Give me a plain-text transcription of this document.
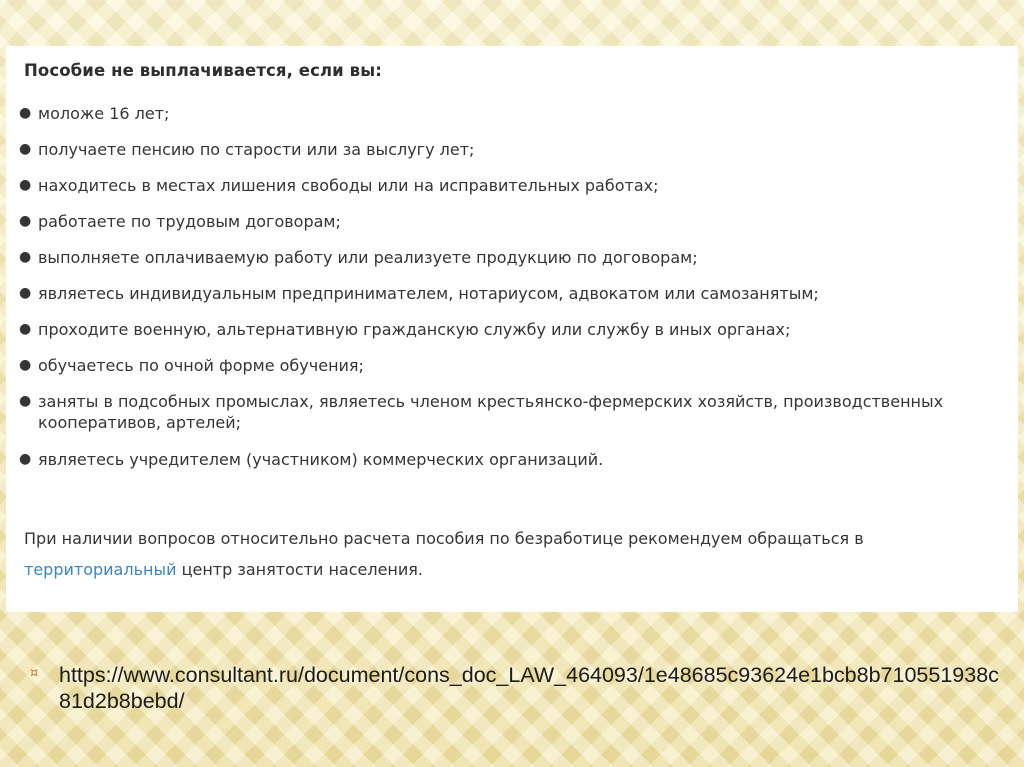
Пособие не выплачивается, если вы:

● моложе 16 лет;
● получаете пенсию по старости или за выслугу лет;
● находитесь в местах лишения свободы или на исправительных работах;
● работаете по трудовым договорам;
● выполняете оплачиваемую работу или реализуете продукцию по договорам;
● являетесь индивидуальным предпринимателем, нотариусом, адвокатом или самозанятым;
● проходите военную, альтернативную гражданскую службу или службу в иных органах;
● обучаетесь по очной форме обучения;
● заняты в подсобных промыслах, являетесь членом крестьянско-фермерских хозяйств, производственных кооперативов, артелей;
● являетесь учредителем (участником) коммерческих организаций.

При наличии вопросов относительно расчета пособия по безработице рекомендуем обращаться в территориальный центр занятости населения.

¤ https://www.consultant.ru/document/cons_doc_LAW_464093/1e48685c93624e1bcb8b710551938c81d2b8bebd/
